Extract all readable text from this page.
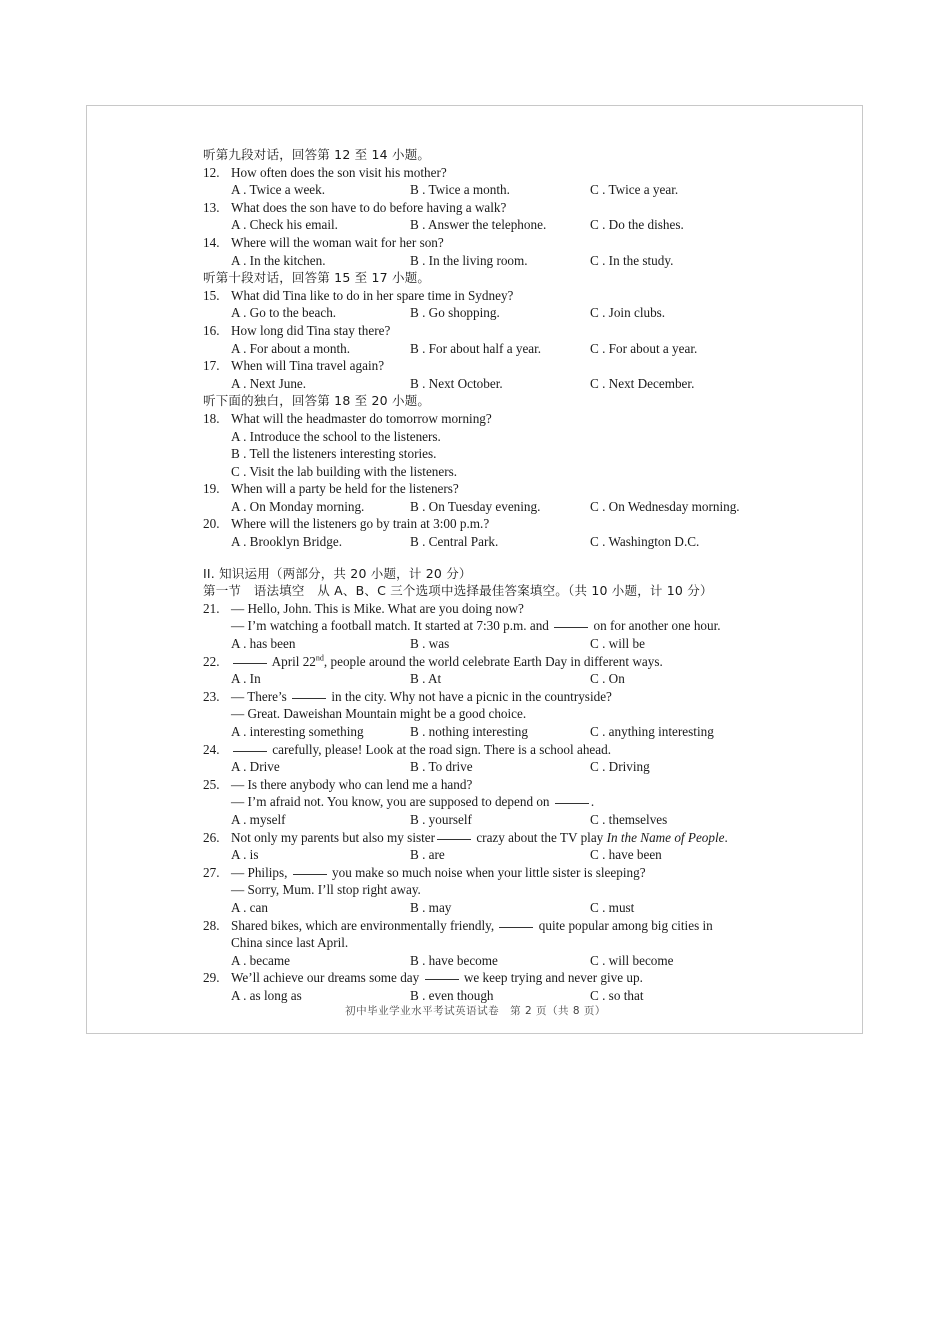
听第九段对话，回答第 12 至 14 小题。
12. How often does the son visit his mother?
A . Twice a week.	B . Twice a month.	C . Twice a year.
13. What does the son have to do before having a walk?
A . Check his email.	B . Answer the telephone.	C . Do the dishes.
14. Where will the woman wait for her son?
A . In the kitchen.	B . In the living room.	C . In the study.
听第十段对话，回答第 15 至 17 小题。
15. What did Tina like to do in her spare time in Sydney?
A . Go to the beach.	B . Go shopping.	C . Join clubs.
16. How long did Tina stay there?
A . For about a month.	B . For about half a year.	C . For about a year.
17. When will Tina travel again?
A . Next June.	B . Next October.	C . Next December.
听下面的独白，回答第 18 至 20 小题。
18. What will the headmaster do tomorrow morning?
A . Introduce the school to the listeners.
B . Tell the listeners interesting stories.
C . Visit the lab building with the listeners.
19. When will a party be held for the listeners?
A . On Monday morning.	B . On Tuesday evening.	C . On Wednesday morning.
20. Where will the listeners go by train at 3:00 p.m.?
A . Brooklyn Bridge.	B . Central Park.	C . Washington D.C.
II. 知识运用（两部分，共 20 小题，计 20 分）
第一节　语法填空　从 A、B、C 三个选项中选择最佳答案填空。（共 10 小题，计 10 分）
21. — Hello, John. This is Mike. What are you doing now?
— I’m watching a football match. It started at 7:30 p.m. and	on for another one hour.
A . has been	B . was	C . will be
22.	April 22nd, people around the world celebrate Earth Day in different ways.
A . In	B . At	C . On
23. — There’s	in the city. Why not have a picnic in the countryside?
— Great. Daweishan Mountain might be a good choice.
A . interesting something	B . nothing interesting	C . anything interesting
24.	carefully, please! Look at the road sign. There is a school ahead.
A . Drive	B . To drive	C . Driving
25. — Is there anybody who can lend me a hand?
— I’m afraid not. You know, you are supposed to depend on	.
A . myself	B . yourself	C . themselves
26. Not only my parents but also my sister	crazy about the TV play In the Name of People.
A . is	B . are	C . have been
27. — Philips,	you make so much noise when your little sister is sleeping?
— Sorry, Mum. I’ll stop right away.
A . can	B . may	C . must
28. Shared bikes, which are environmentally friendly,	quite popular among big cities in
China since last April.
A . became	B . have become	C . will become
29. We’ll achieve our dreams some day	we keep trying and never give up.
A . as long as	B . even though	C . so that
初中毕业学业水平考试英语试卷　第 2 页（共 8 页）
